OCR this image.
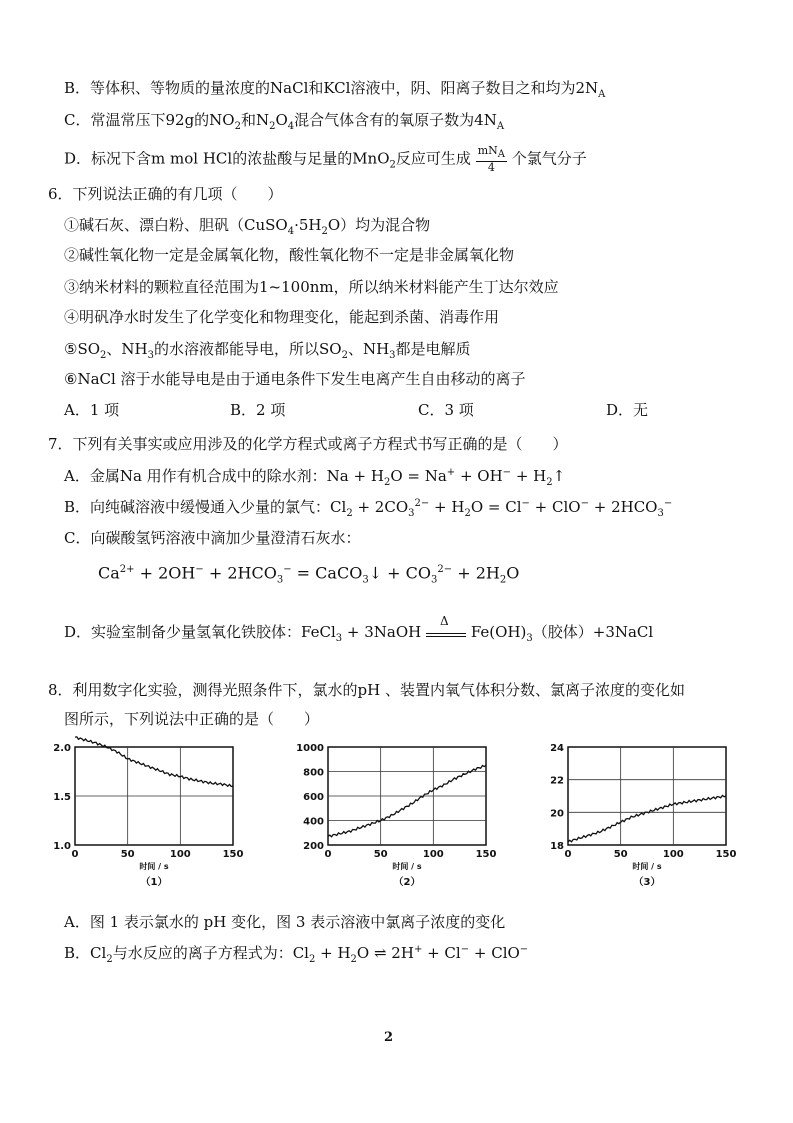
B．等体积、等物质的量浓度的NaCl和KCl溶液中，阴、阳离子数目之和均为$2N_A$
C．常温常压下92g的$NO_2$和$N_2O_4$混合气体含有的氧原子数为$4N_A$
D．标况下含m mol HCl的浓盐酸与足量的MnO$_2$反应可生成 $\frac{mN_A}{4}$ 个氯气分子
6．下列说法正确的有几项（　　）
①碱石灰、漂白粉、胆矾$(CuSO_4\cdot 5H_2O)$均为混合物
②碱性氧化物一定是金属氧化物，酸性氧化物不一定是非金属氧化物
③纳米材料的颗粒直径范围为1~100nm，所以纳米材料能产生丁达尔效应
④明矾净水时发生了化学变化和物理变化，能起到杀菌、消毒作用
$⑤SO_2$、$NH_3$的水溶液都能导电，所以$SO_2$、$NH_3$都是电解质
⑥NaCl 溶于水能导电是由于通电条件下发生电离产生自由移动的离子
A．1 项	B．2 项	C．3 项	D．无
7．下列有关事实或应用涉及的化学方程式或离子方程式书写正确的是（　　）
A．金属Na 用作有机合成中的除水剂：$Na + H_2O = Na^+ + OH^-$ + $H_2↑$
B．向纯碱溶液中缓慢通入少量的氯气：$Cl_2 + 2CO_3^{2-} + H_2O = Cl^- + ClO^- + 2HCO_3^-$
C．向碳酸氢钙溶液中滴加少量澄清石灰水：
$Ca^{2+} + 2OH^- + 2HCO_3^-$ = CaCO$_3$↓ + $CO_3^{2-} + 2H_2O$
D．实验室制备少量氢氧化铁胶体：FeCl$_3$ + 3NaOH
Δ
$Fe(OH)_3$（胶体）+3NaCl
8．利用数字化实验，测得光照条件下，氯水的pH 、装置内氧气体积分数、氯离子浓度的变化如
图所示，下列说法中正确的是（　　）
1.0
1.5
2.0
0	50	100	150
时间 / s
（1）
200
400
600
800
1000
0	50	100	150
时间 / s
（2）
18
20
22
24
0	50	100	150
时间 / s
（3）
A．图 1 表示氯水的 pH 变化，图 3 表示溶液中氯离子浓度的变化
B．$Cl_2$与水反应的离子方程式为：$Cl_2 + H_2O$ ⇌ 2H+ + Cl− + ClO−
2
